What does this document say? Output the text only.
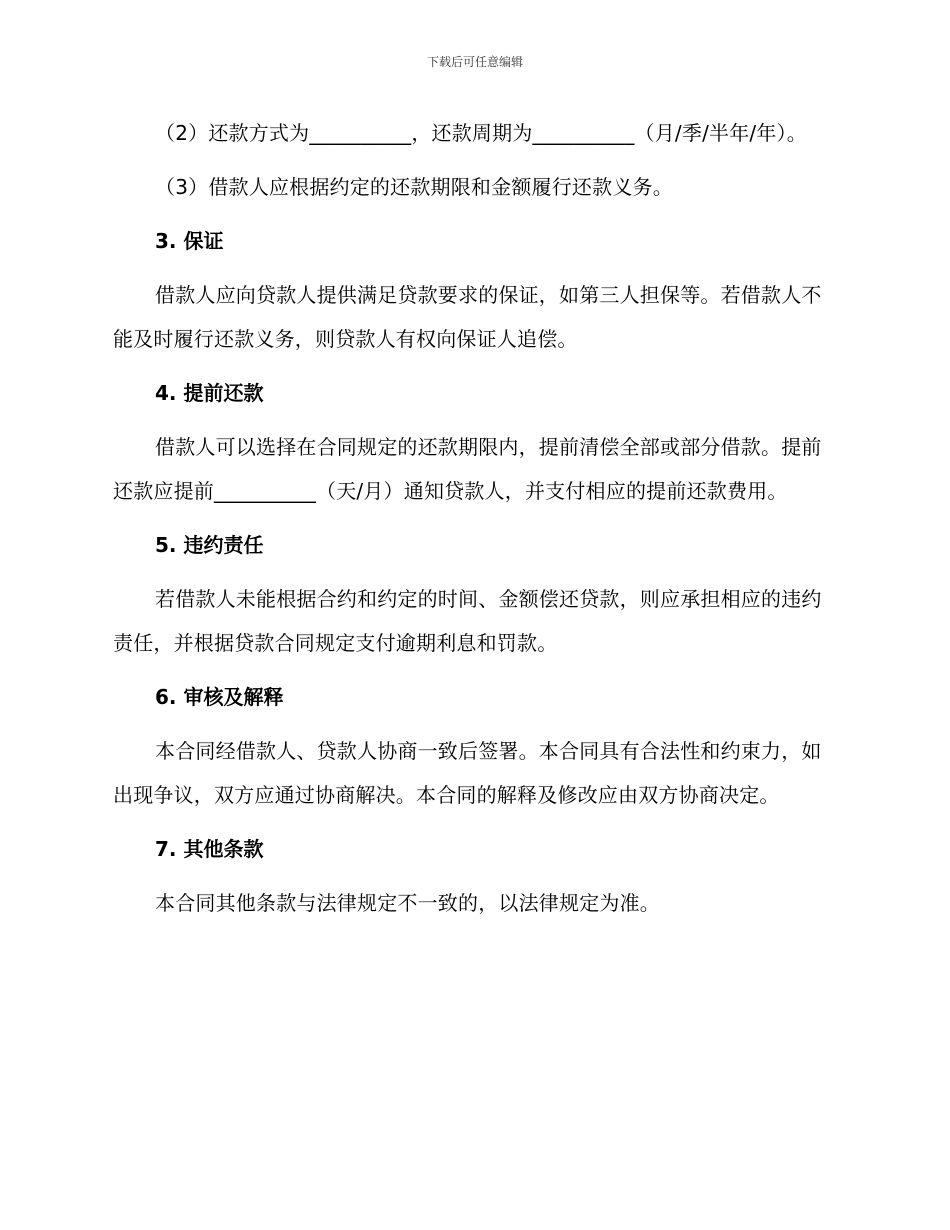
下载后可任意编辑

（2）还款方式为__________，还款周期为__________（月/季/半年/年）。

（3）借款人应根据约定的还款期限和金额履行还款义务。

3. 保证

借款人应向贷款人提供满足贷款要求的保证，如第三人担保等。若借款人不能及时履行还款义务，则贷款人有权向保证人追偿。

4. 提前还款

借款人可以选择在合同规定的还款期限内，提前清偿全部或部分借款。提前还款应提前__________（天/月）通知贷款人，并支付相应的提前还款费用。

5. 违约责任

若借款人未能根据合约和约定的时间、金额偿还贷款，则应承担相应的违约责任，并根据贷款合同规定支付逾期利息和罚款。

6. 审核及解释

本合同经借款人、贷款人协商一致后签署。本合同具有合法性和约束力，如出现争议，双方应通过协商解决。本合同的解释及修改应由双方协商决定。

7. 其他条款

本合同其他条款与法律规定不一致的，以法律规定为准。
